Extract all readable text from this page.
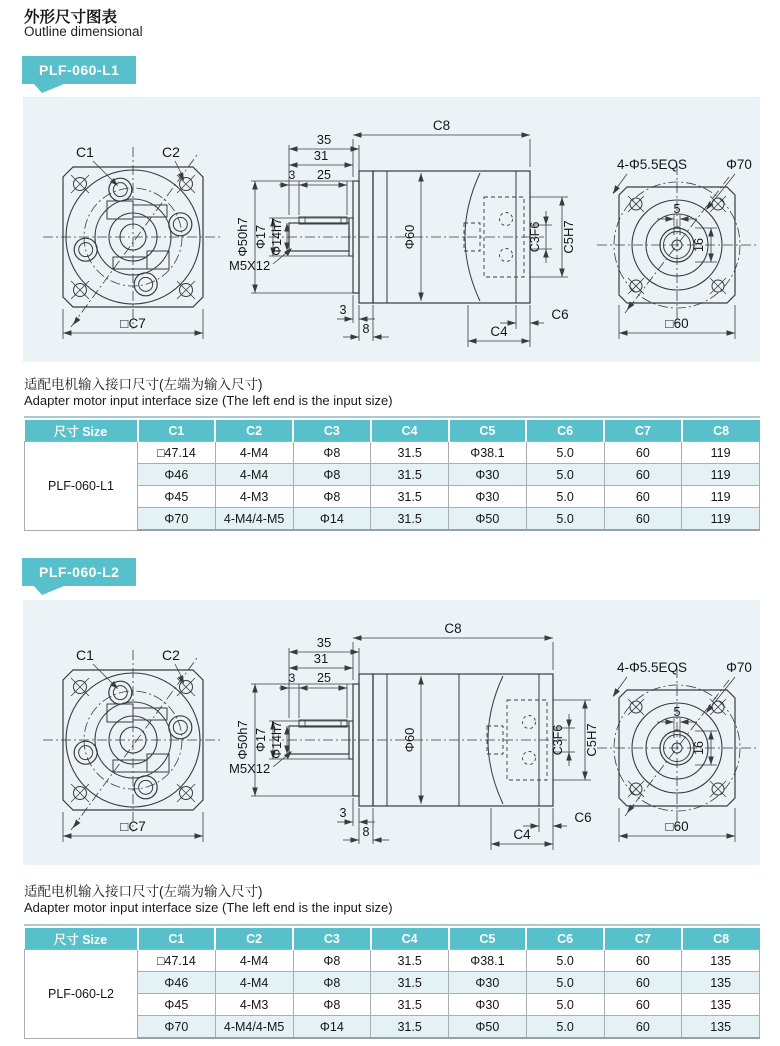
外形尺寸图表
Outline dimensional
PLF-060-L1
C1	C2
□C7
C8
35
31
3 25
Φ50h7 Φ17 Φ14h7
M5X12
3
8
Φ60	C3F6 C5H7
C6
C4
5
16
Φ70
4-Φ5.5EQS
□60
适配电机输入接口尺寸(左端为输入尺寸)
Adapter motor input interface size (The left end is the input size)
尺寸 Size	C1	C2	C3	C4	C5	C6	C7	C8
PLF-060-L1	□47.14	4-M4	Φ8	31.5	Φ38.1	5.0	60	119
	Φ46	4-M4	Φ8	31.5	Φ30	5.0	60	119
	Φ45	4-M3	Φ8	31.5	Φ30	5.0	60	119
	Φ70	4-M4/4-M5	Φ14	31.5	Φ50	5.0	60	119
PLF-060-L2
C1	C2
□C7
C8
35
31
3 25
Φ50h7 Φ17 Φ14h7
M5X12
3
8
Φ60	C3F6 C5H7
C6
C4
5
16
Φ70
4-Φ5.5EQS
□60
适配电机输入接口尺寸(左端为输入尺寸)
Adapter motor input interface size (The left end is the input size)
尺寸 Size	C1	C2	C3	C4	C5	C6	C7	C8
PLF-060-L2	□47.14	4-M4	Φ8	31.5	Φ38.1	5.0	60	135
	Φ46	4-M4	Φ8	31.5	Φ30	5.0	60	135
	Φ45	4-M3	Φ8	31.5	Φ30	5.0	60	135
	Φ70	4-M4/4-M5	Φ14	31.5	Φ50	5.0	60	135
